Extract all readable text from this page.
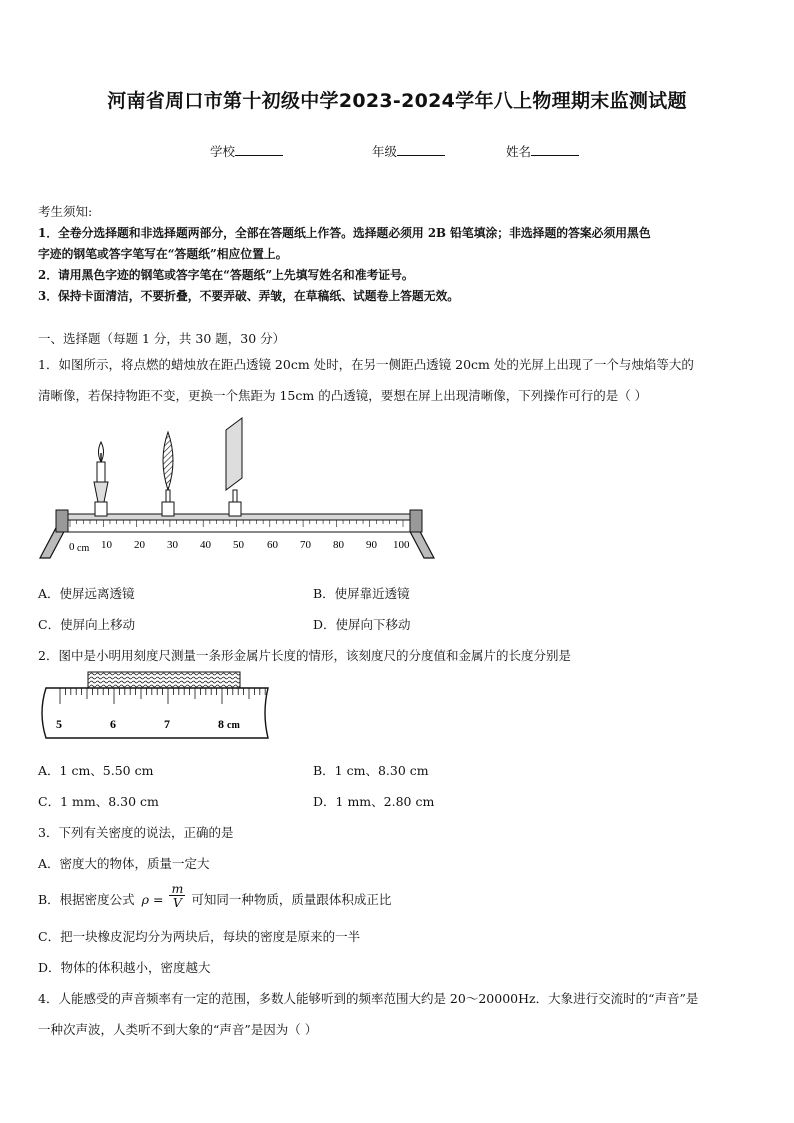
河南省周口市第十初级中学2023-2024学年八上物理期末监测试题
学校	年级	姓名
考生须知:
1．全卷分选择题和非选择题两部分，全部在答题纸上作答。选择题必须用 2B 铅笔填涂；非选择题的答案必须用黑色
字迹的钢笔或答字笔写在“答题纸”相应位置上。
2．请用黑色字迹的钢笔或答字笔在“答题纸”上先填写姓名和准考证号。
3．保持卡面清洁，不要折叠，不要弄破、弄皱，在草稿纸、试题卷上答题无效。
一、选择题（每题 1 分，共 30 题，30 分）
1．如图所示，将点燃的蜡烛放在距凸透镜 20cm 处时，在另一侧距凸透镜 20cm 处的光屏上出现了一个与烛焰等大的
清晰像，若保持物距不变，更换一个焦距为 15cm 的凸透镜，要想在屏上出现清晰像，下列操作可行的是（ ）
0 cm 10 20 30 40 50 60 70 80 90 100
A．使屏远离透镜	B．使屏靠近透镜
C．使屏向上移动	D．使屏向下移动
2．图中是小明用刻度尺测量一条形金属片长度的情形，该刻度尺的分度值和金属片的长度分别是
5	6	7	8 cm
A．1 cm、5.50 cm	B．1 cm、8.30 cm
C．1 mm、8.30 cm	D．1 mm、2.80 cm
3．下列有关密度的说法，正确的是
A．密度大的物体，质量一定大
B．根据密度公式 $\rho = \frac{m}{V}$ 可知同一种物质，质量跟体积成正比
C．把一块橡皮泥均分为两块后，每块的密度是原来的一半
D．物体的体积越小，密度越大
4．人能感受的声音频率有一定的范围，多数人能够听到的频率范围大约是 20～20000Hz．大象进行交流时的“声音”是
一种次声波，人类听不到大象的“声音”是因为（ ）
